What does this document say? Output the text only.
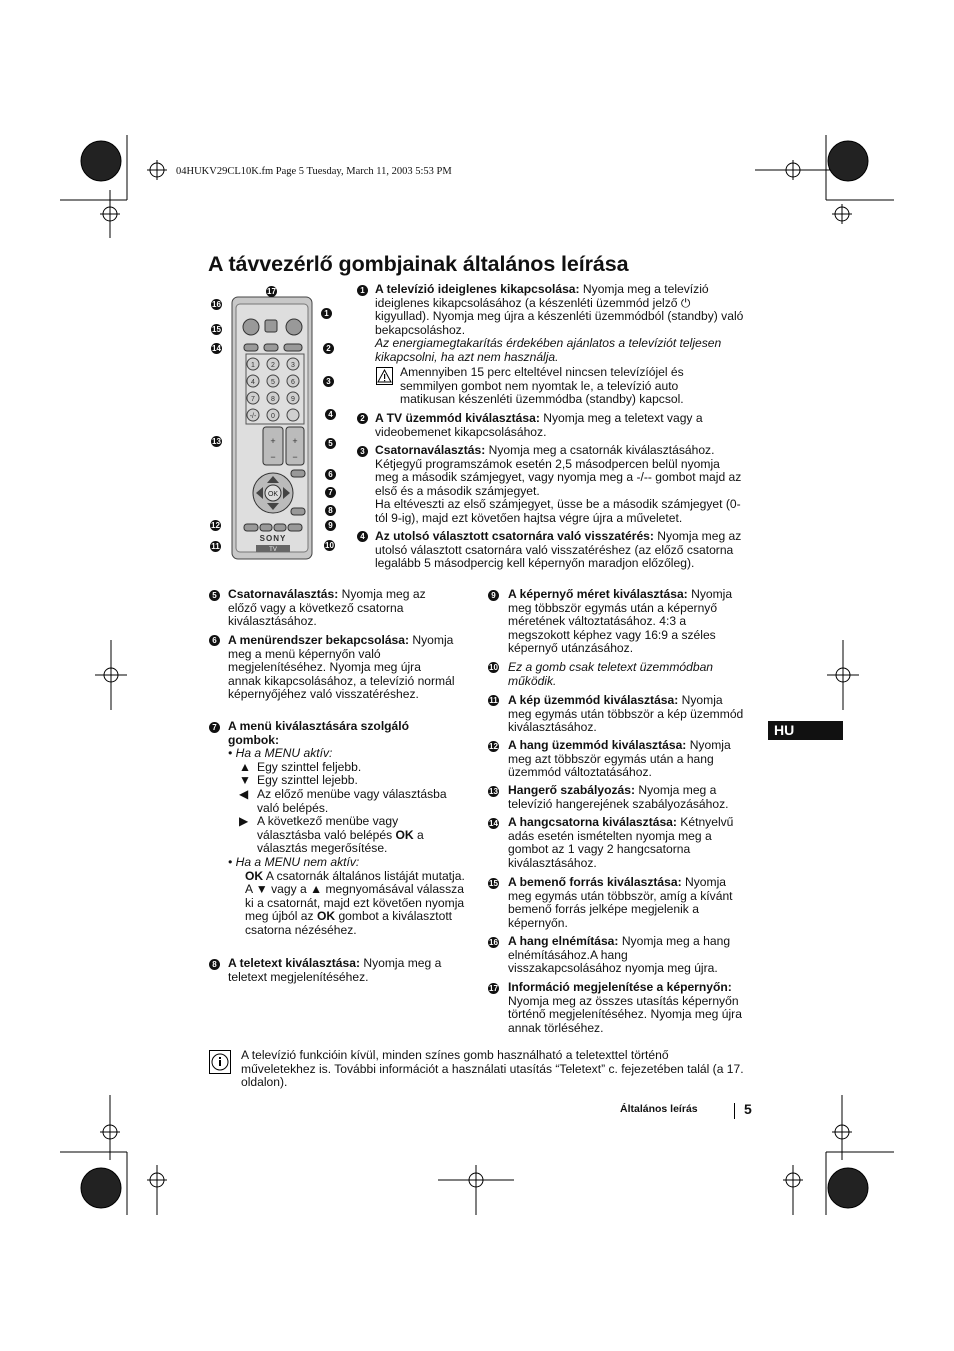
04HUKV29CL10K.fm Page 5 Tuesday, March 11, 2003 5:53 PM
A távvezérlő gombjainak általános leírása
1 2 3
4 5 6
7 8 9
-/- 0
+
−
+
−
OK
SONY
TV
17
16
1
15
14	2
3
4
13	5
6
7
8
12	9
11	10
1 A televízió ideiglenes kikapcsolása: Nyomja meg a televízió ideiglenes kikapcsolásához (a készenléti üzemmód jelző ⏻ kigyullad). Nyomja meg újra a készenléti üzemmódból (standby) való bekapcsoláshoz.
Az energiamegtakarítás érdekében ajánlatos a televíziót teljesen kikapcsolni, ha azt nem használja.
Amennyiben 15 perc elteltével nincsen televízíójel és semmilyen gombot nem nyomtak le, a televízió auto matikusan készenléti üzemmódba (standby) kapcsol.
2 A TV üzemmód kiválasztása: Nyomja meg a teletext vagy a videobemenet kikapcsolásához.
3 Csatornaválasztás: Nyomja meg a csatornák kiválasztásához. Kétjegyű programszámok esetén 2,5 másodpercen belül nyomja meg a második számjegyet, vagy nyomja meg a -/-- gombot majd az első és a második számjegyet.
Ha eltéveszti az első számjegyet, üsse be a második számjegyet (0-tól 9-ig), majd ezt követően hajtsa végre újra a műveletet.
4 Az utolsó választott csatornára való visszatérés: Nyomja meg az utolsó választott csatornára való visszatéréshez (az előző csatorna legalább 5 másodpercig kell képernyőn maradjon előzőleg).
5 Csatornaválasztás: Nyomja meg az előző vagy a következő csatorna kiválasztásához.
6 A menürendszer bekapcsolása: Nyomja meg a menü képernyőn való megjelenítéséhez. Nyomja meg újra annak kikapcsolásához, a televízió normál képernyőjéhez való visszatéréshez.
7 A menü kiválasztására szolgáló gombok:
• Ha a MENU aktív:
▲ Egy szinttel feljebb.
▼ Egy szinttel lejebb.
◀ Az előző menübe vagy választásba való belépés.
▶ A következő menübe vagy választásba való belépés OK a választás megerősítése.
• Ha a MENU nem aktív:
OK A csatornák általános listáját mutatja. A ▼ vagy a ▲ megnyomásával válassza ki a csatornát, majd ezt követően nyomja meg újból az OK gombot a kiválasztott csatorna nézéséhez.
8 A teletext kiválasztása: Nyomja meg a teletext megjelenítéséhez.
9 A képernyő méret kiválasztása: Nyomja meg többször egymás után a képernyő méretének változtatásához. 4:3 a megszokott képhez vagy 16:9 a széles képernyő utánzásához.
10 Ez a gomb csak teletext üzemmódban működik.
11 A kép üzemmód kiválasztása: Nyomja meg egymás után többször a kép üzemmód kiválasztásához.
12 A hang üzemmód kiválasztása: Nyomja meg azt többször egymás után a hang üzemmód változtatásához.
13 Hangerő szabályozás: Nyomja meg a televízió hangerejének szabályozásához.
14 A hangcsatorna kiválasztása: Kétnyelvű adás esetén ismételten nyomja meg a gombot az 1 vagy 2 hangcsatorna kiválasztásához.
15 A bemenő forrás kiválasztása: Nyomja meg egymás után többször, amíg a kívánt bemenő forrás jelképe megjelenik a képernyőn.
16 A hang elnémítása: Nyomja meg a hang elnémításához.A hang visszakapcsolásához nyomja meg újra.
17 Információ megjelenítése a képernyőn: Nyomja meg az összes utasítás képernyőn történő megjelenítéséhez. Nyomja meg újra annak törléséhez.
HU
A televízió funkcióin kívül, minden színes gomb használható a teletexttel történő műveletekhez is. További információt a használati utasítás “Teletext” c. fejezetében talál (a 17. oldalon).
Általános leírás	5
